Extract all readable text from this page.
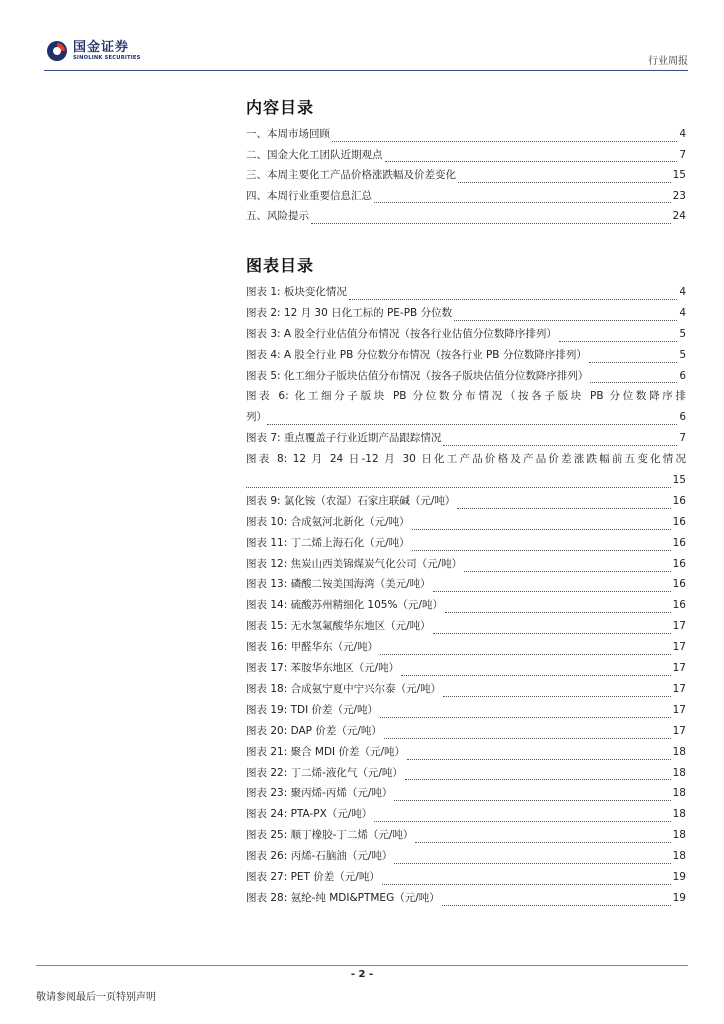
国金证券
SINOLINK SECURITIES	行业周报
内容目录
一、本周市场回顾	4
二、国金大化工团队近期观点	7
三、本周主要化工产品价格涨跌幅及价差变化	15
四、本周行业重要信息汇总	23
五、风险提示	24
图表目录
图表 1: 板块变化情况	4
图表 2: 12 月 30 日化工标的 PE-PB 分位数	4
图表 3: A 股全行业估值分布情况（按各行业估值分位数降序排列）	5
图表 4: A 股全行业 PB 分位数分布情况（按各行业 PB 分位数降序排列）	5
图表 5: 化工细分子版块估值分布情况（按各子版块估值分位数降序排列）	6
图表 6: 化工细分子版块 PB 分位数分布情况（按各子版块 PB 分位数降序排
列）	6
图表 7: 重点覆盖子行业近期产品跟踪情况	7
图表 8: 12 月 24 日-12 月 30 日化工产品价格及产品价差涨跌幅前五变化情况
15
图表 9: 氯化铵（农湿）石家庄联碱（元/吨）	16
图表 10: 合成氨河北新化（元/吨）	16
图表 11: 丁二烯上海石化（元/吨）	16
图表 12: 焦炭山西美锦煤炭气化公司（元/吨）	16
图表 13: 磷酸二铵美国海湾（美元/吨）	16
图表 14: 硫酸苏州精细化 105%（元/吨）	16
图表 15: 无水氢氟酸华东地区（元/吨）	17
图表 16: 甲醛华东（元/吨）	17
图表 17: 苯胺华东地区（元/吨）	17
图表 18: 合成氨宁夏中宁兴尔泰（元/吨）	17
图表 19: TDI 价差（元/吨）	17
图表 20: DAP 价差（元/吨）	17
图表 21: 聚合 MDI 价差（元/吨）	18
图表 22: 丁二烯-液化气（元/吨）	18
图表 23: 聚丙烯-丙烯（元/吨）	18
图表 24: PTA-PX（元/吨）	18
图表 25: 顺丁橡胶-丁二烯（元/吨）	18
图表 26: 丙烯-石脑油（元/吨）	18
图表 27: PET 价差（元/吨）	19
图表 28: 氨纶-纯 MDI&PTMEG（元/吨）	19
- 2 -
敬请参阅最后一页特别声明
